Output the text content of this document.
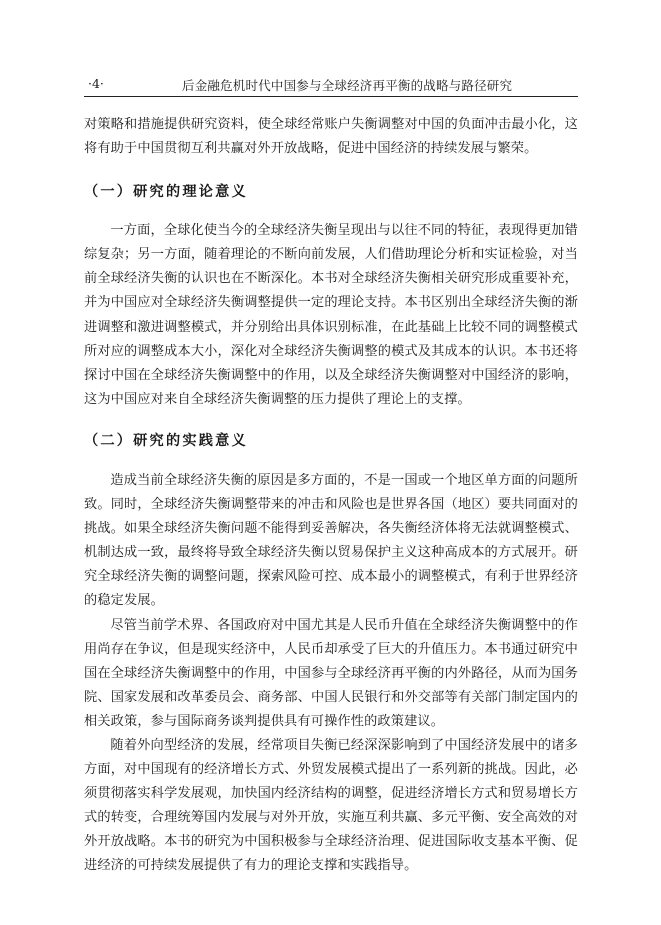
·4·	后金融危机时代中国参与全球经济再平衡的战略与路径研究

对策略和措施提供研究资料，使全球经常账户失衡调整对中国的负面冲击最小化，这将有助于中国贯彻互利共赢对外开放战略，促进中国经济的持续发展与繁荣。

（一）研究的理论意义

一方面，全球化使当今的全球经济失衡呈现出与以往不同的特征，表现得更加错综复杂；另一方面，随着理论的不断向前发展，人们借助理论分析和实证检验，对当前全球经济失衡的认识也在不断深化。本书对全球经济失衡相关研究形成重要补充，并为中国应对全球经济失衡调整提供一定的理论支持。本书区别出全球经济失衡的渐进调整和激进调整模式，并分别给出具体识别标准，在此基础上比较不同的调整模式所对应的调整成本大小，深化对全球经济失衡调整的模式及其成本的认识。本书还将探讨中国在全球经济失衡调整中的作用，以及全球经济失衡调整对中国经济的影响，这为中国应对来自全球经济失衡调整的压力提供了理论上的支撑。

（二）研究的实践意义

造成当前全球经济失衡的原因是多方面的，不是一国或一个地区单方面的问题所致。同时，全球经济失衡调整带来的冲击和风险也是世界各国（地区）要共同面对的挑战。如果全球经济失衡问题不能得到妥善解决，各失衡经济体将无法就调整模式、机制达成一致，最终将导致全球经济失衡以贸易保护主义这种高成本的方式展开。研究全球经济失衡的调整问题，探索风险可控、成本最小的调整模式，有利于世界经济的稳定发展。

尽管当前学术界、各国政府对中国尤其是人民币升值在全球经济失衡调整中的作用尚存在争议，但是现实经济中，人民币却承受了巨大的升值压力。本书通过研究中国在全球经济失衡调整中的作用，中国参与全球经济再平衡的内外路径，从而为国务院、国家发展和改革委员会、商务部、中国人民银行和外交部等有关部门制定国内的相关政策，参与国际商务谈判提供具有可操作性的政策建议。

随着外向型经济的发展，经常项目失衡已经深深影响到了中国经济发展中的诸多方面，对中国现有的经济增长方式、外贸发展模式提出了一系列新的挑战。因此，必须贯彻落实科学发展观，加快国内经济结构的调整，促进经济增长方式和贸易增长方式的转变，合理统筹国内发展与对外开放，实施互利共赢、多元平衡、安全高效的对外开放战略。本书的研究为中国积极参与全球经济治理、促进国际收支基本平衡、促进经济的可持续发展提供了有力的理论支撑和实践指导。
